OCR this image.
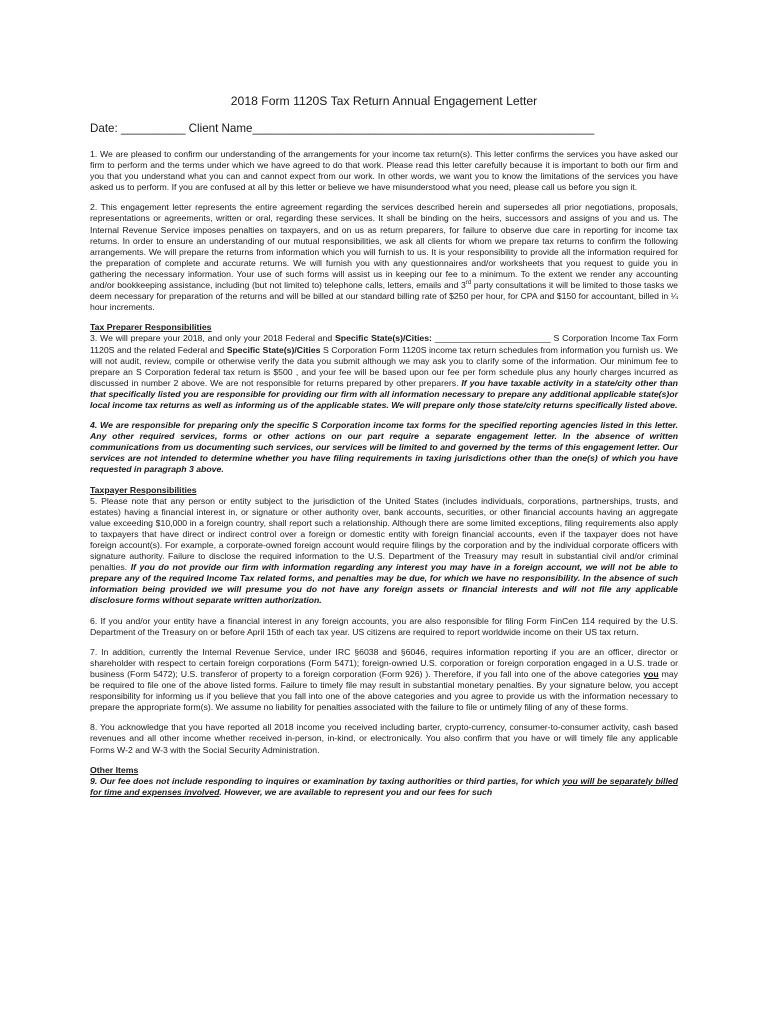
2018 Form 1120S Tax Return Annual Engagement Letter
Date: __________ Client Name_____________________________________________________

1. We are pleased to confirm our understanding of the arrangements for your income tax return(s). This letter confirms the services you have asked our firm to perform and the terms under which we have agreed to do that work. Please read this letter carefully because it is important to both our firm and you that you understand what you can and cannot expect from our work. In other words, we want you to know the limitations of the services you have asked us to perform. If you are confused at all by this letter or believe we have misunderstood what you need, please call us before you sign it.

2. This engagement letter represents the entire agreement regarding the services described herein and supersedes all prior negotiations, proposals, representations or agreements, written or oral, regarding these services. It shall be binding on the heirs, successors and assigns of you and us. The Internal Revenue Service imposes penalties on taxpayers, and on us as return preparers, for failure to observe due care in reporting for income tax returns. In order to ensure an understanding of our mutual responsibilities, we ask all clients for whom we prepare tax returns to confirm the following arrangements. We will prepare the returns from information which you will furnish to us. It is your responsibility to provide all the information required for the preparation of complete and accurate returns. We will furnish you with any questionnaires and/or worksheets that you request to guide you in gathering the necessary information. Your use of such forms will assist us in keeping our fee to a minimum. To the extent we render any accounting and/or bookkeeping assistance, including (but not limited to) telephone calls, letters, emails and 3rd party consultations it will be limited to those tasks we deem necessary for preparation of the returns and will be billed at our standard billing rate of $250 per hour, for CPA and $150 for accountant, billed in ¼ hour increments.

Tax Preparer Responsibilities
3. We will prepare your 2018, and only your 2018 Federal and Specific State(s)/Cities: ________________________ S Corporation Income Tax Form 1120S and the related Federal and Specific State(s)/Cities S Corporation Form 1120S income tax return schedules from information you furnish us. We will not audit, review, compile or otherwise verify the data you submit although we may ask you to clarify some of the information. Our minimum fee to prepare an S Corporation federal tax return is $500 , and your fee will be based upon our fee per form schedule plus any hourly charges incurred as discussed in number 2 above. We are not responsible for returns prepared by other preparers. If you have taxable activity in a state/city other than that specifically listed you are responsible for providing our firm with all information necessary to prepare any additional applicable state(s)or local income tax returns as well as informing us of the applicable states. We will prepare only those state/city returns specifically listed above.

4. We are responsible for preparing only the specific S Corporation income tax forms for the specified reporting agencies listed in this letter. Any other required services, forms or other actions on our part require a separate engagement letter. In the absence of written communications from us documenting such services, our services will be limited to and governed by the terms of this engagement letter. Our services are not intended to determine whether you have filing requirements in taxing jurisdictions other than the one(s) of which you have requested in paragraph 3 above.

Taxpayer Responsibilities
5. Please note that any person or entity subject to the jurisdiction of the United States (includes individuals, corporations, partnerships, trusts, and estates) having a financial interest in, or signature or other authority over, bank accounts, securities, or other financial accounts having an aggregate value exceeding $10,000 in a foreign country, shall report such a relationship. Although there are some limited exceptions, filing requirements also apply to taxpayers that have direct or indirect control over a foreign or domestic entity with foreign financial accounts, even if the taxpayer does not have foreign account(s). For example, a corporate-owned foreign account would require filings by the corporation and by the individual corporate officers with signature authority. Failure to disclose the required information to the U.S. Department of the Treasury may result in substantial civil and/or criminal penalties. If you do not provide our firm with information regarding any interest you may have in a foreign account, we will not be able to prepare any of the required Income Tax related forms, and penalties may be due, for which we have no responsibility. In the absence of such information being provided we will presume you do not have any foreign assets or financial interests and will not file any applicable disclosure forms without separate written authorization.

6. If you and/or your entity have a financial interest in any foreign accounts, you are also responsible for filing Form FinCen 114 required by the U.S. Department of the Treasury on or before April 15th of each tax year. US citizens are required to report worldwide income on their US tax return.

7. In addition, currently the Internal Revenue Service, under IRC §6038 and §6046, requires information reporting if you are an officer, director or shareholder with respect to certain foreign corporations (Form 5471); foreign-owned U.S. corporation or foreign corporation engaged in a U.S. trade or business (Form 5472); U.S. transferor of property to a foreign corporation (Form 926) ). Therefore, if you fall into one of the above categories you may be required to file one of the above listed forms. Failure to timely file may result in substantial monetary penalties. By your signature below, you accept responsibility for informing us if you believe that you fall into one of the above categories and you agree to provide us with the information necessary to prepare the appropriate form(s). We assume no liability for penalties associated with the failure to file or untimely filing of any of these forms.

8. You acknowledge that you have reported all 2018 income you received including barter, crypto-currency, consumer-to-consumer activity, cash based revenues and all other income whether received in-person, in-kind, or electronically. You also confirm that you have or will timely file any applicable Forms W-2 and W-3 with the Social Security Administration.

Other Items
9. Our fee does not include responding to inquires or examination by taxing authorities or third parties, for which you will be separately billed for time and expenses involved. However, we are available to represent you and our fees for such
